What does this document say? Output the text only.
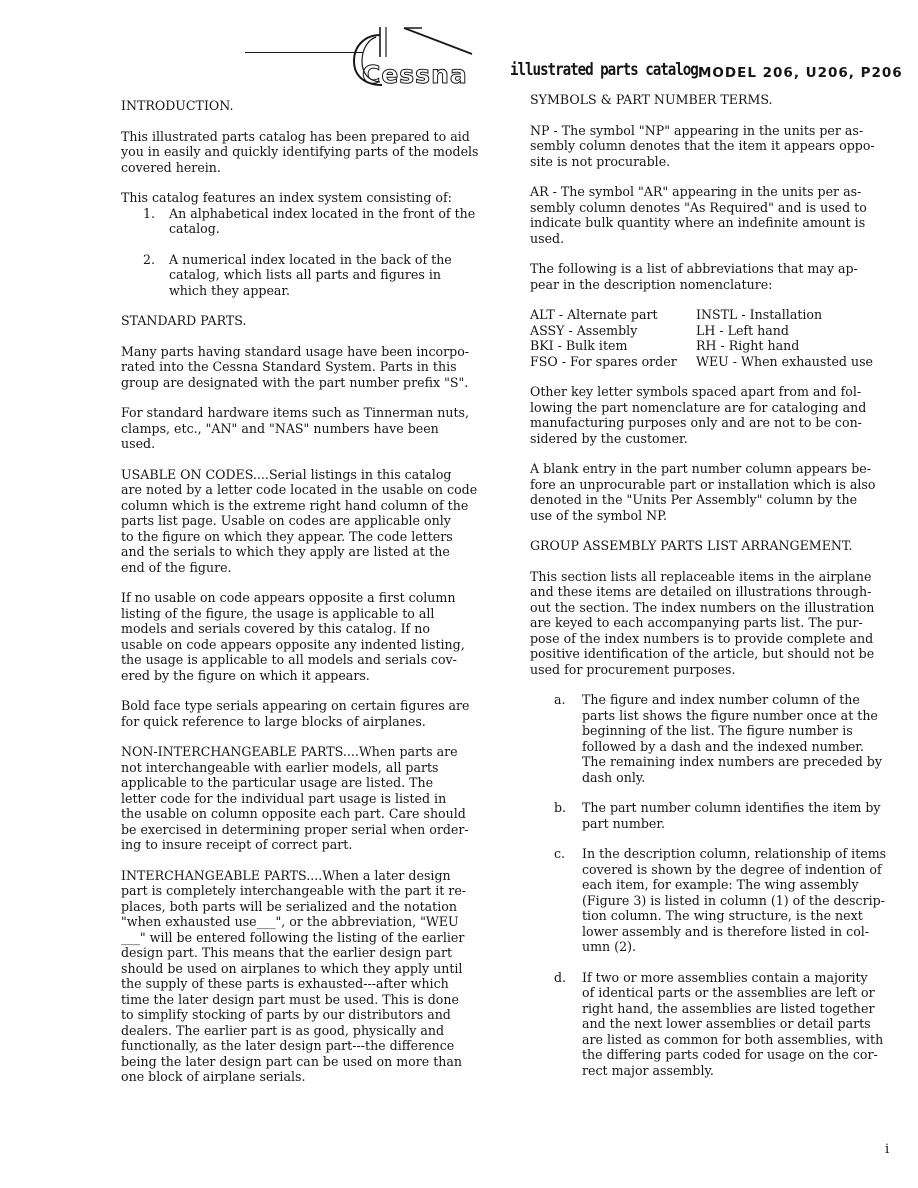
Cessna	illustrated parts catalog MODEL 206, U206, P206

INTRODUCTION.

This illustrated parts catalog has been prepared to aid
you in easily and quickly identifying parts of the models
covered herein.

This catalog features an index system consisting of:

1. An alphabetical index located in the front of the
catalog.

2. A numerical index located in the back of the
catalog, which lists all parts and figures in
which they appear.

STANDARD PARTS.

Many parts having standard usage have been incorpo-
rated into the Cessna Standard System. Parts in this
group are designated with the part number prefix "S".

For standard hardware items such as Tinnerman nuts,
clamps, etc., "AN" and "NAS" numbers have been
used.

USABLE ON CODES....Serial listings in this catalog
are noted by a letter code located in the usable on code
column which is the extreme right hand column of the
parts list page. Usable on codes are applicable only
to the figure on which they appear. The code letters
and the serials to which they apply are listed at the
end of the figure.

If no usable on code appears opposite a first column
listing of the figure, the usage is applicable to all
models and serials covered by this catalog. If no
usable on code appears opposite any indented listing,
the usage is applicable to all models and serials cov-
ered by the figure on which it appears.

Bold face type serials appearing on certain figures are
for quick reference to large blocks of airplanes.

NON-INTERCHANGEABLE PARTS....When parts are
not interchangeable with earlier models, all parts
applicable to the particular usage are listed. The
letter code for the individual part usage is listed in
the usable on column opposite each part. Care should
be exercised in determining proper serial when order-
ing to insure receipt of correct part.

INTERCHANGEABLE PARTS....When a later design
part is completely interchangeable with the part it re-
places, both parts will be serialized and the notation
"when exhausted use___", or the abbreviation, "WEU
___" will be entered following the listing of the earlier
design part. This means that the earlier design part
should be used on airplanes to which they apply until
the supply of these parts is exhausted---after which
time the later design part must be used. This is done
to simplify stocking of parts by our distributors and
dealers. The earlier part is as good, physically and
functionally, as the later design part---the difference
being the later design part can be used on more than
one block of airplane serials.

SYMBOLS & PART NUMBER TERMS.

NP - The symbol "NP" appearing in the units per as-
sembly column denotes that the item it appears oppo-
site is not procurable.

AR - The symbol "AR" appearing in the units per as-
sembly column denotes "As Required" and is used to
indicate bulk quantity where an indefinite amount is
used.

The following is a list of abbreviations that may ap-
pear in the description nomenclature:

ALT - Alternate part	INSTL - Installation
ASSY - Assembly	LH - Left hand
BKI - Bulk item	RH - Right hand
FSO - For spares order	WEU - When exhausted use

Other key letter symbols spaced apart from and fol-
lowing the part nomenclature are for cataloging and
manufacturing purposes only and are not to be con-
sidered by the customer.

A blank entry in the part number column appears be-
fore an unprocurable part or installation which is also
denoted in the "Units Per Assembly" column by the
use of the symbol NP.

GROUP ASSEMBLY PARTS LIST ARRANGEMENT.

This section lists all replaceable items in the airplane
and these items are detailed on illustrations through-
out the section. The index numbers on the illustration
are keyed to each accompanying parts list. The pur-
pose of the index numbers is to provide complete and
positive identification of the article, but should not be
used for procurement purposes.

a. The figure and index number column of the
parts list shows the figure number once at the
beginning of the list. The figure number is
followed by a dash and the indexed number.
The remaining index numbers are preceded by
dash only.

b. The part number column identifies the item by
part number.

c. In the description column, relationship of items
covered is shown by the degree of indention of
each item, for example: The wing assembly
(Figure 3) is listed in column (1) of the descrip-
tion column. The wing structure, is the next
lower assembly and is therefore listed in col-
umn (2).

d. If two or more assemblies contain a majority
of identical parts or the assemblies are left or
right hand, the assemblies are listed together
and the next lower assemblies or detail parts
are listed as common for both assemblies, with
the differing parts coded for usage on the cor-
rect major assembly.

i
